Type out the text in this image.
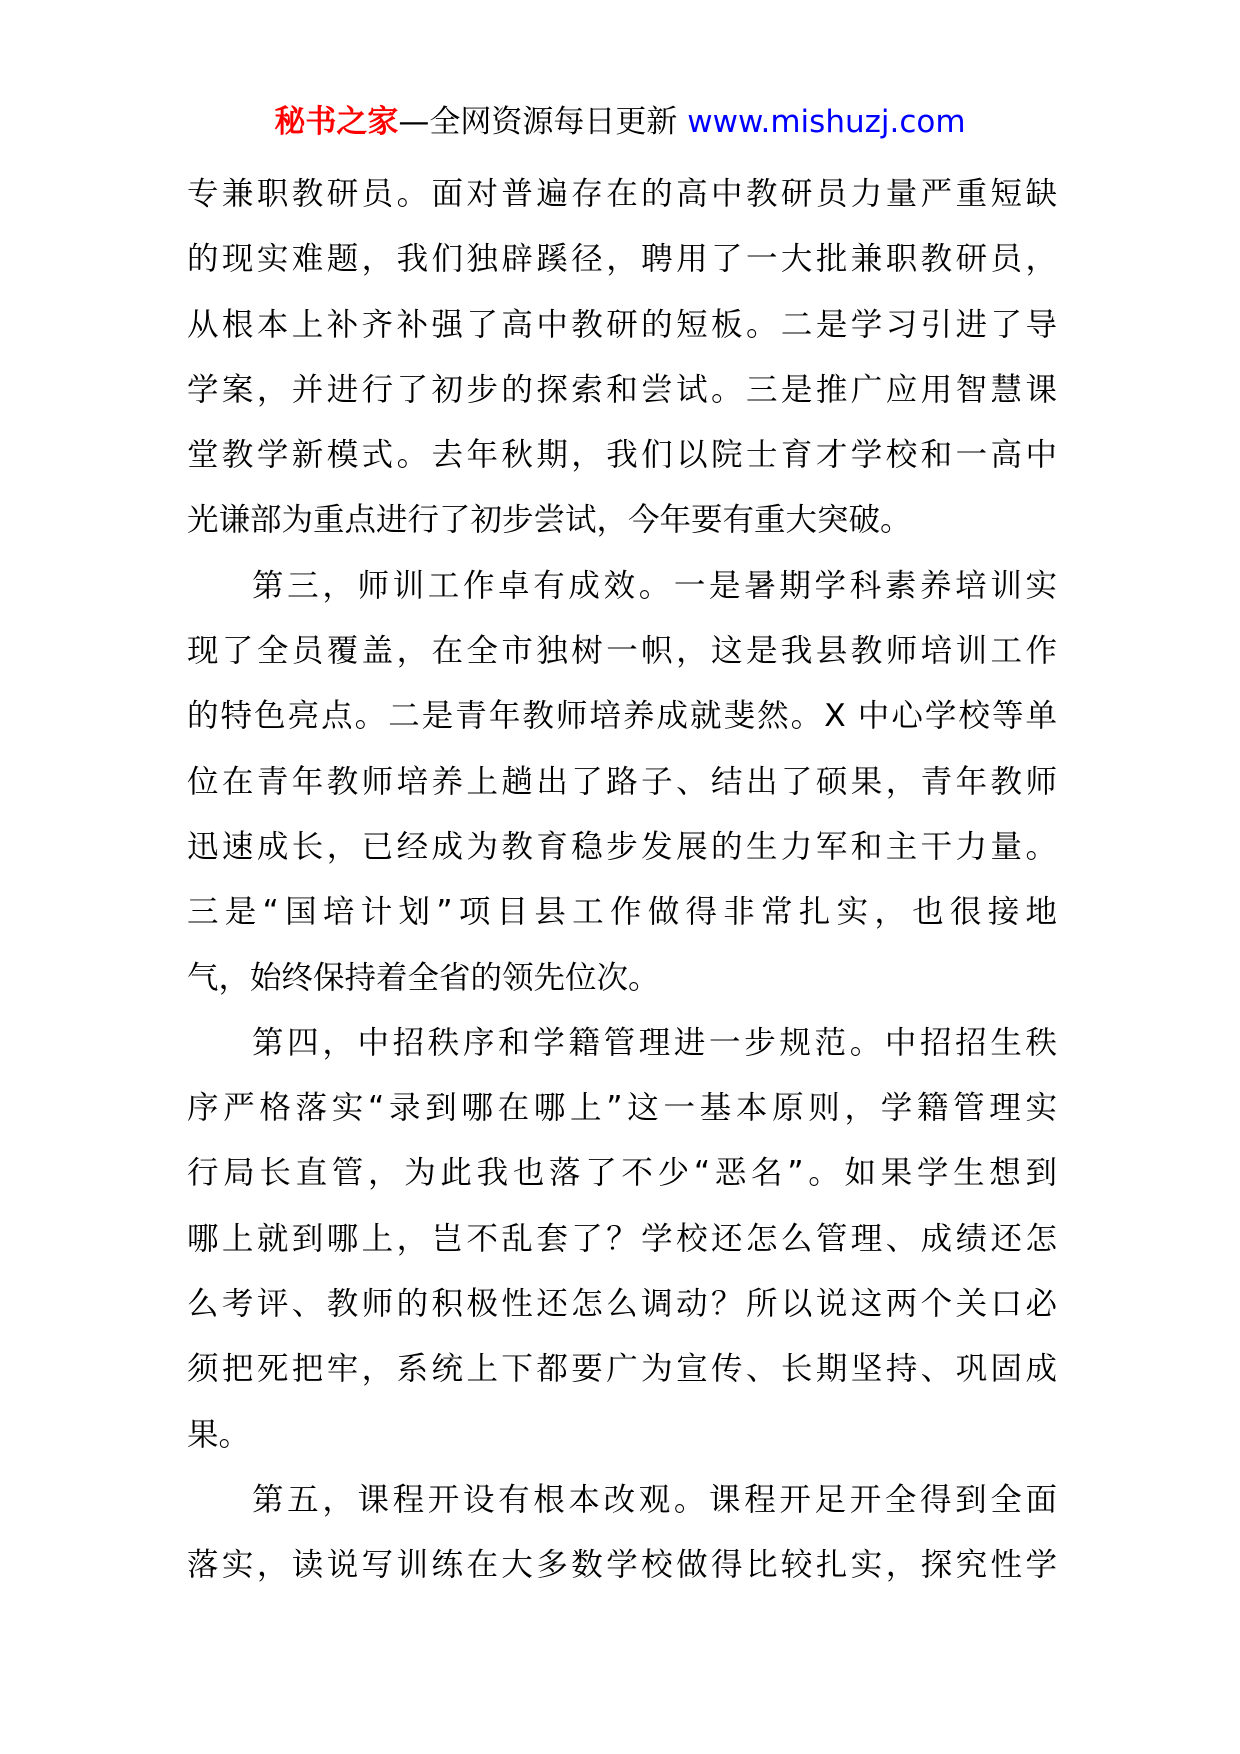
秘书之家—全网资源每日更新 www.mishuzj.com
专兼职教研员。面对普遍存在的高中教研员力量严重短缺
的现实难题，我们独辟蹊径，聘用了一大批兼职教研员，
从根本上补齐补强了高中教研的短板。二是学习引进了导
学案，并进行了初步的探索和尝试。三是推广应用智慧课
堂教学新模式。去年秋期，我们以院士育才学校和一高中
光谦部为重点进行了初步尝试，今年要有重大突破。
第三，师训工作卓有成效。一是暑期学科素养培训实
现了全员覆盖，在全市独树一帜，这是我县教师培训工作
的特色亮点。二是青年教师培养成就斐然。X 中心学校等单
位在青年教师培养上趟出了路子、结出了硕果，青年教师
迅速成长，已经成为教育稳步发展的生力军和主干力量。
三是“国培计划”项目县工作做得非常扎实，也很接地
气，始终保持着全省的领先位次。
第四，中招秩序和学籍管理进一步规范。中招招生秩
序严格落实“录到哪在哪上”这一基本原则，学籍管理实
行局长直管，为此我也落了不少“恶名”。如果学生想到
哪上就到哪上，岂不乱套了？学校还怎么管理、成绩还怎
么考评、教师的积极性还怎么调动？所以说这两个关口必
须把死把牢，系统上下都要广为宣传、长期坚持、巩固成
果。
第五，课程开设有根本改观。课程开足开全得到全面
落实，读说写训练在大多数学校做得比较扎实，探究性学
